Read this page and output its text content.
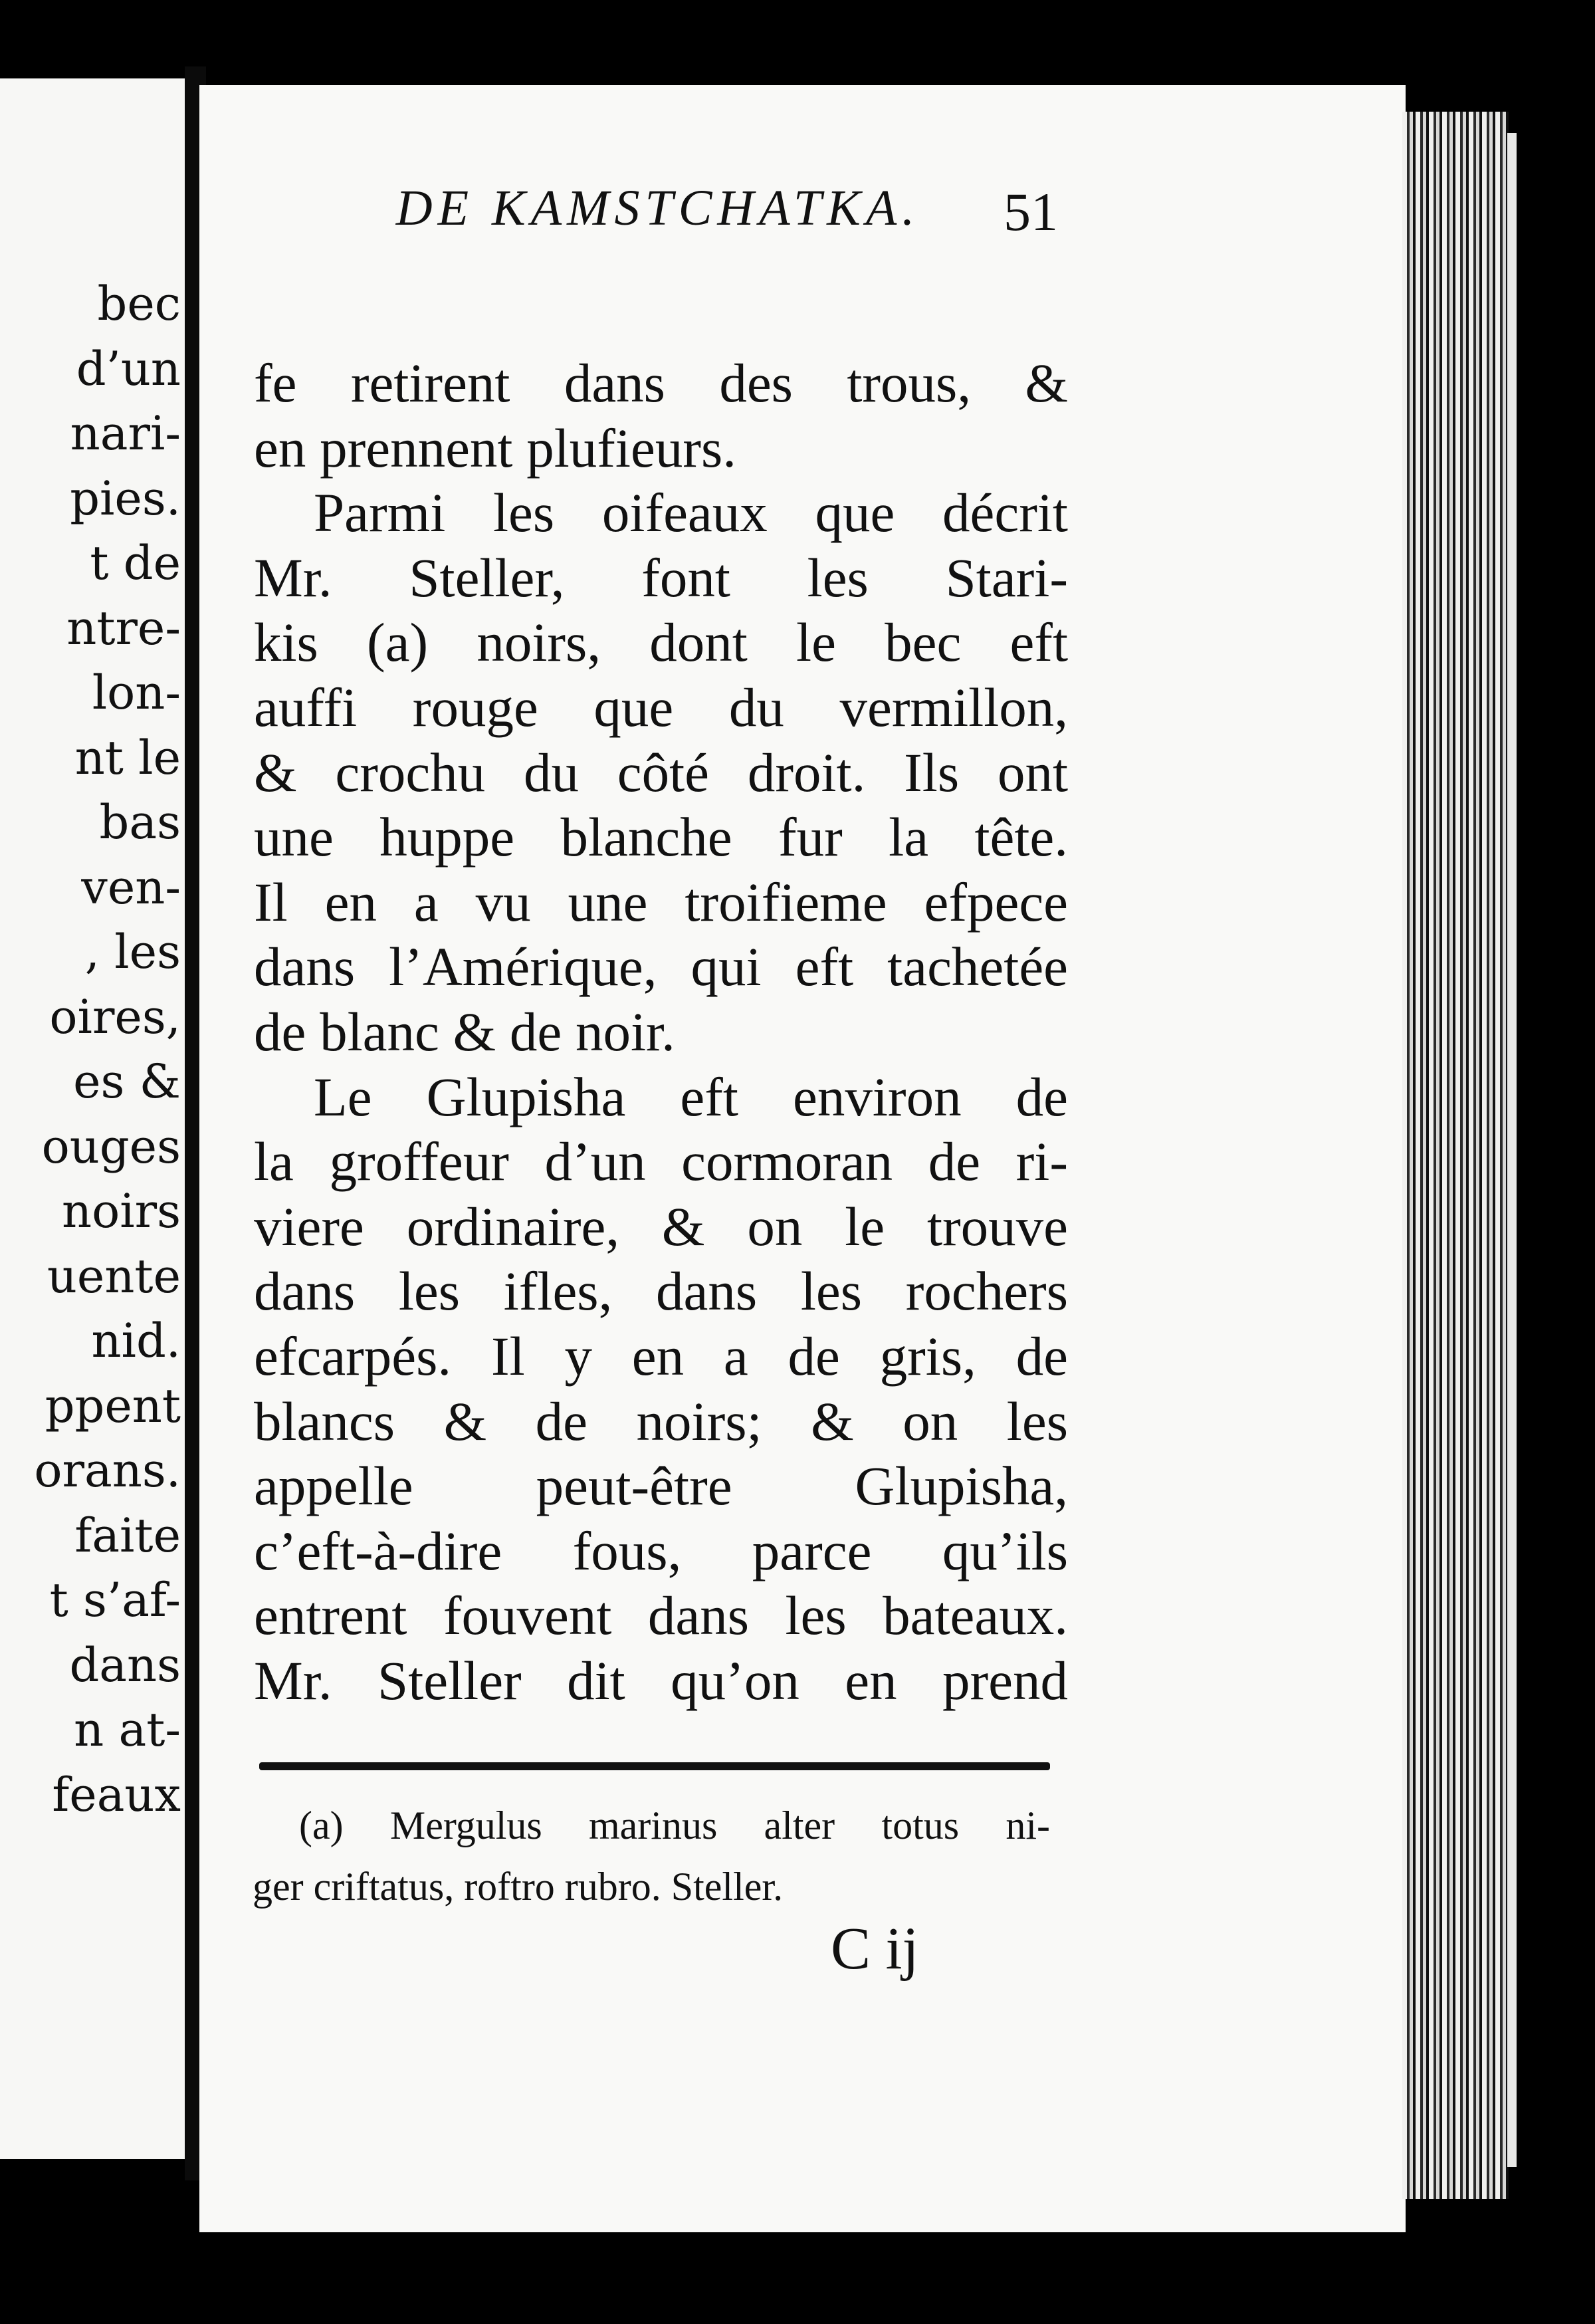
bec
d’un
nari-
pies.
t de
ntre-
lon-
nt le
bas
ven-
, les
oires,
es &
ouges
noirs
uente
nid.
ppent
orans.
faite
t s’af-
dans
n at-
feaux
DE KAMSTCHATKA.	51
fe retirent dans des trous, &
en prennent plufieurs.
Parmi les oifeaux que décrit
Mr. Steller, font les Stari-
kis (a) noirs, dont le bec eft
auffi rouge que du vermillon,
& crochu du côté droit. Ils ont
une huppe blanche fur la tête.
Il en a vu une troifieme efpece
dans l’Amérique, qui eft tachetée
de blanc & de noir.
Le Glupisha eft environ de
la groffeur d’un cormoran de ri-
viere ordinaire, & on le trouve
dans les ifles, dans les rochers
efcarpés. Il y en a de gris, de
blancs & de noirs; & on les
appelle peut-être Glupisha,
c’eft-à-dire fous, parce qu’ils
entrent fouvent dans les bateaux.
Mr. Steller dit qu’on en prend
(a) Mergulus marinus alter totus ni-
ger criftatus, roftro rubro. Steller.
C ij
